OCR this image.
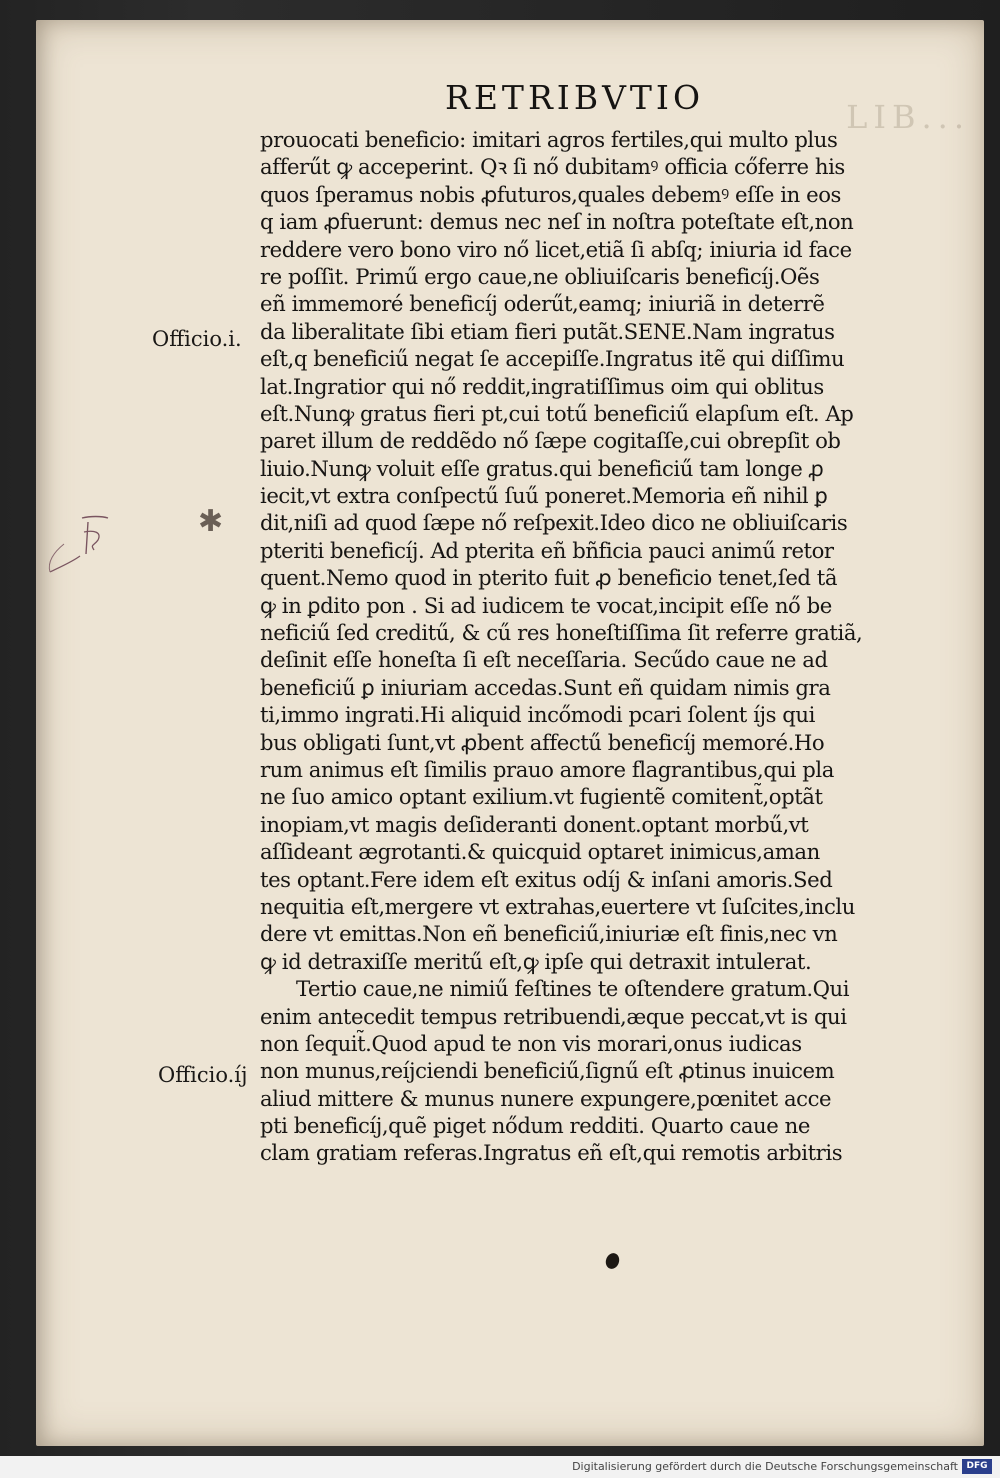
LIB...
RETRIBVTIO
Officio.i.
Officio.íj
✱
prouocati beneficio: imitari agros fertiles,qui multo plus
afferűt ꝙ acceperint. Qꝛ ſi nő dubitamꝰ officia cőferre his
quos ſperamus nobis ꝓfuturos,quales debemꝰ eſſe in eos
q iam ꝓfuerunt: demus nec neſ in noſtra poteſtate eſt,non
reddere vero bono viro nő licet,etiã ſi abſq; iniuria id face
re poſſit. Primű ergo caue,ne obliuiſcaris beneficíj.Oẽs
eñ immemoré beneficíj oderűt,eamq; iniuriã in deterrẽ
da liberalitate ſibi etiam fieri putãt.SENE.Nam ingratus
eſt,q beneficiű negat ſe accepiſſe.Ingratus itẽ qui diſſimu
lat.Ingratior qui nő reddit,ingratiſſimus oim qui oblitus
eſt.Nunꝙ gratus fieri pt,cui totű beneficiű elapſum eſt. Ap
paret illum de reddẽdo nő ſæpe cogitaſſe,cui obrepſit ob
liuio.Nunꝙ voluit eſſe gratus.qui beneficiű tam longe ꝓ
iecit,vt extra conſpectű ſuű poneret.Memoria eñ nihil ꝑ
dit,niſi ad quod ſæpe nő reſpexit.Ideo dico ne obliuiſcaris
pteriti beneficíj. Ad pterita eñ bñficia pauci animű retor
quent.Nemo quod in pterito fuit ꝓ beneficio tenet,ſed tã
ꝙ in ꝑdito pon . Si ad iudicem te vocat,incipit eſſe nő be
neficiű ſed creditű, & cű res honeſtiſſima ſit referre gratiã,
deſinit eſſe honeſta ſi eſt neceſſaria. Secűdo caue ne ad
beneficiű ꝑ iniuriam accedas.Sunt eñ quidam nimis gra
ti,immo ingrati.Hi aliquid incőmodi pcari ſolent íjs qui
bus obligati ſunt,vt ꝓbent affectű beneficíj memoré.Ho
rum animus eſt ſimilis prauo amore flagrantibus,qui pla
ne ſuo amico optant exilium.vt fugientẽ comitent̃,optãt
inopiam,vt magis deſideranti donent.optant morbű,vt
aſſideant ægrotanti.& quicquid optaret inimicus,aman
tes optant.Fere idem eſt exitus odíj & inſani amoris.Sed
nequitia eſt,mergere vt extrahas,euertere vt ſuſcites,inclu
dere vt emittas.Non eñ beneficiű,iniuriæ eſt finis,nec vn
ꝙ id detraxiſſe meritű eſt,ꝙ ipſe qui detraxit intulerat.
Tertio caue,ne nimiű feſtines te oſtendere gratum.Qui
enim antecedit tempus retribuendi,æque peccat,vt is qui
non ſequit̃.Quod apud te non vis morari,onus iudicas
non munus,reíjciendi beneficiű,ſignű eſt ꝓtinus inuicem
aliud mittere & munus nunere expungere,pœnitet acce
pti beneficíj,quẽ piget nődum redditi. Quarto caue ne
clam gratiam referas.Ingratus eñ eſt,qui remotis arbitris
Digitalisierung gefördert durch die Deutsche Forschungsgemeinschaft DFG
